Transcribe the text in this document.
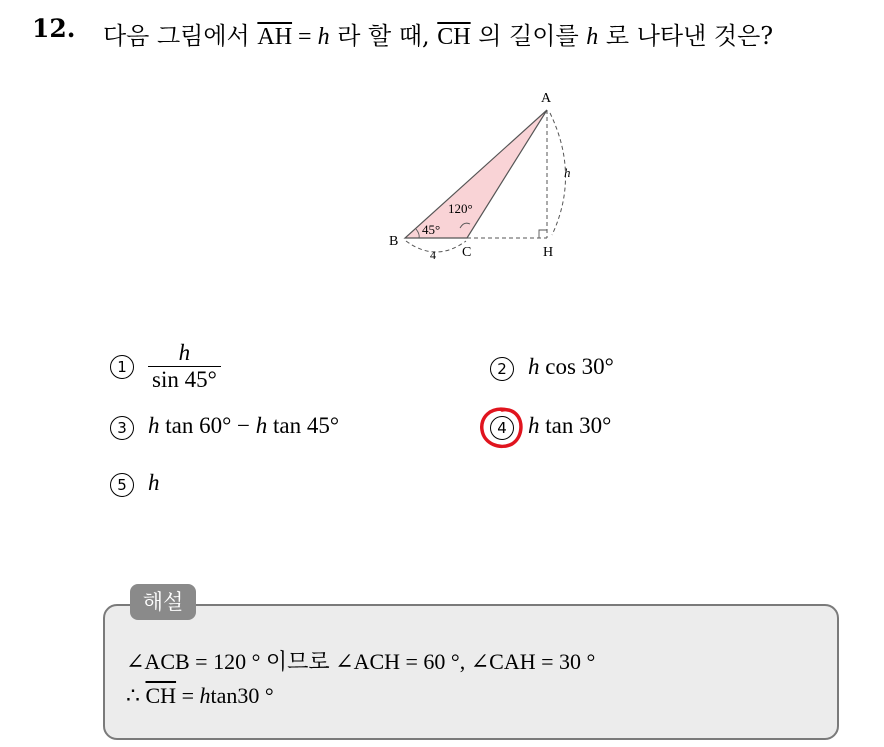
12. 다음 그림에서 $\overline{AH} = h$ 라 할 때, $\overline{CH}$ 의 길이를 h 로 나타낸 것은?
A
B
C	H
h
45°
120°
4
$1 \frac{h}{\sin 45^\circ}$	2 h cos 30°
3 h tan 60° − h tan 45°	4 h tan 30°
5 h
해설
∠ACB = 120 ° 이므로 ∠ACH = 60 °, ∠CAH = 30 °
∴ $\overline{CH} = htan30$ °
